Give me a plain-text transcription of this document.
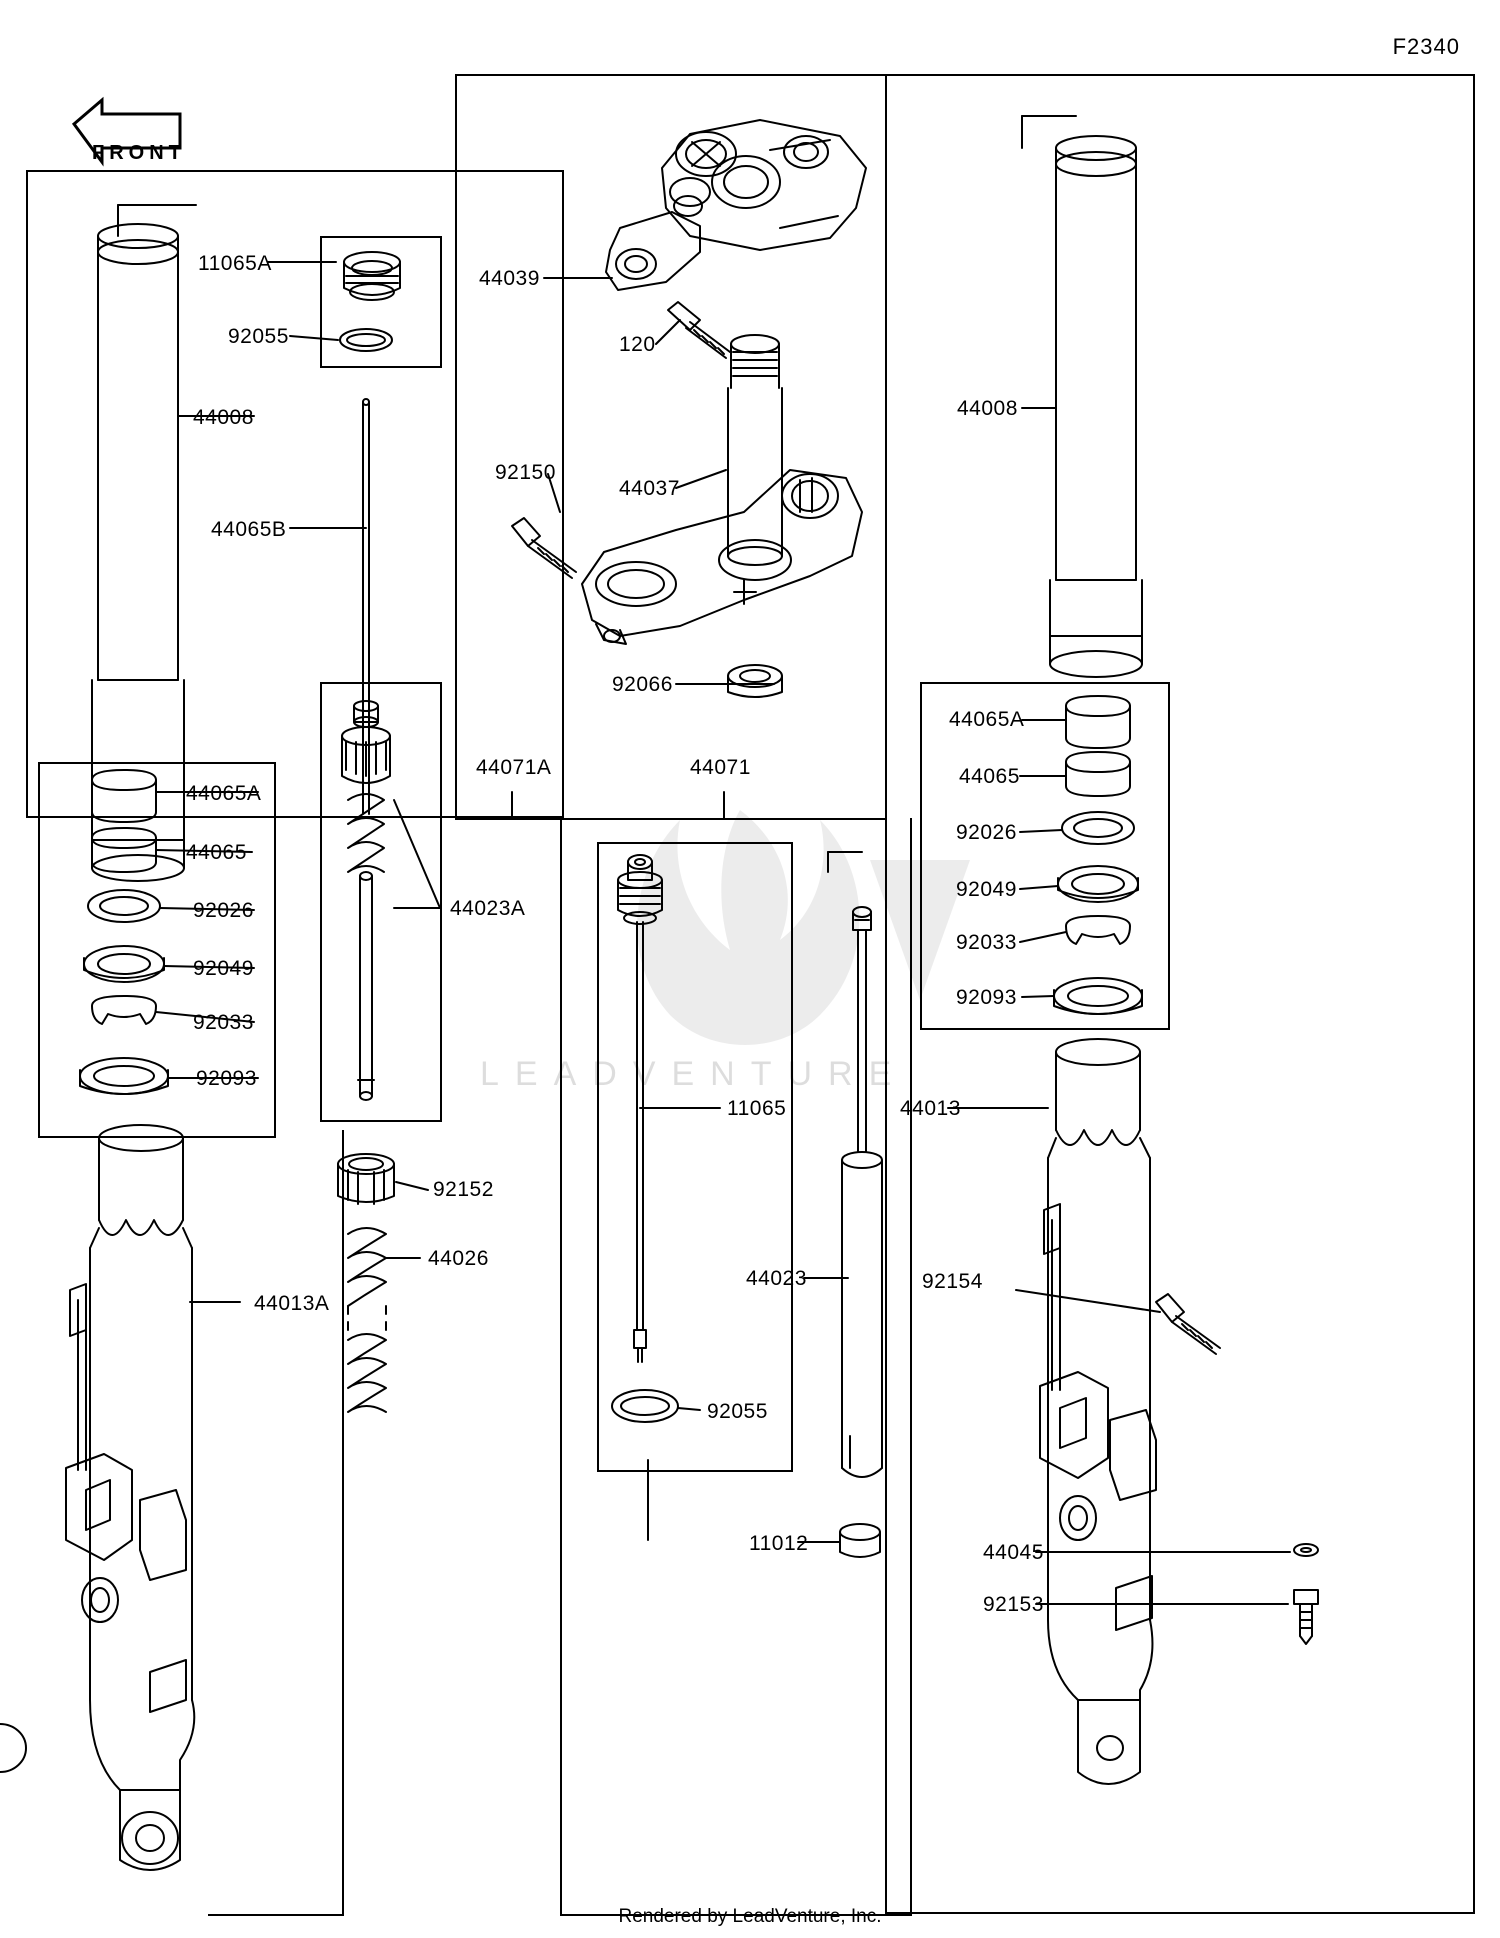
F2340
FRONT
LEADVENTURE
11065A
92055
44008
44065B
44065A
44065
92026
92049
92033
92093
44013A
44023A
92152
44026
44039
120
92150
44037
92066
44071A	44071
11065
92055
11012
44023
44013
92154
44045
92153
44008
44065A
44065
92026
92049
92033
92093
Rendered by LeadVenture, Inc.
